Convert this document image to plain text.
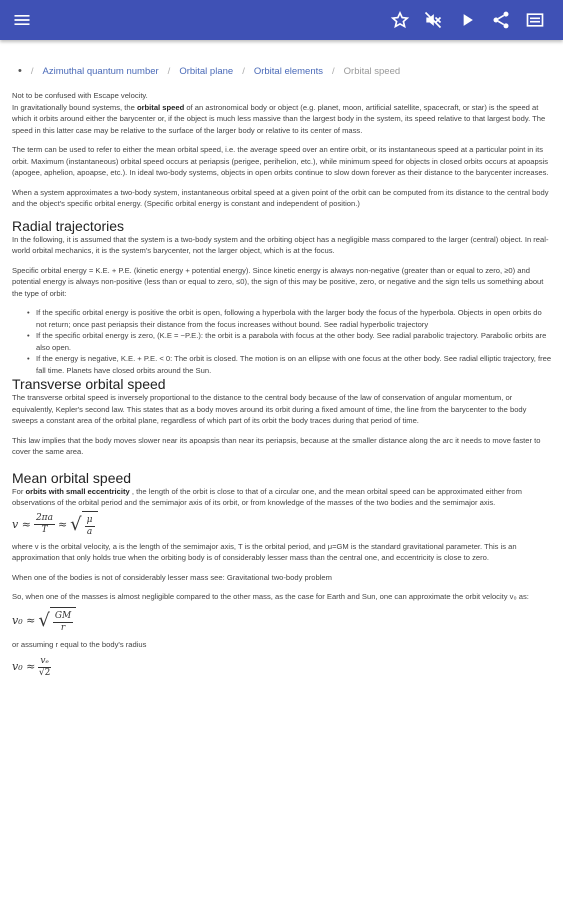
• / Azimuthal quantum number / Orbital plane / Orbital elements / Orbital speed

Not to be confused with Escape velocity.

In gravitationally bound systems, the orbital speed of an astronomical body or object (e.g. planet, moon, artificial satellite, spacecraft, or star) is the speed at which it orbits around either the barycenter or, if the object is much less massive than the largest body in the system, its speed relative to that largest body. The speed in this latter case may be relative to the surface of the larger body or relative to its center of mass.

The term can be used to refer to either the mean orbital speed, i.e. the average speed over an entire orbit, or its instantaneous speed at a particular point in its orbit. Maximum (instantaneous) orbital speed occurs at periapsis (perigee, perihelion, etc.), while minimum speed for objects in closed orbits occurs at apoapsis (apogee, aphelion, apoapse, etc.). In ideal two-body systems, objects in open orbits continue to slow down forever as their distance to the barycenter increases.

When a system approximates a two-body system, instantaneous orbital speed at a given point of the orbit can be computed from its distance to the central body and the object's specific orbital energy. (Specific orbital energy is constant and independent of position.)

Radial trajectories

In the following, it is assumed that the system is a two-body system and the orbiting object has a negligible mass compared to the larger (central) object. In real-world orbital mechanics, it is the system's barycenter, not the larger object, which is at the focus.

Specific orbital energy = K.E. + P.E. (kinetic energy + potential energy). Since kinetic energy is always non-negative (greater than or equal to zero, ≥0) and potential energy is always non-positive (less than or equal to zero, ≤0), the sign of this may be positive, zero, or negative and the sign tells us something about the type of orbit:

• If the specific orbital energy is positive the orbit is open, following a hyperbola with the larger body the focus of the hyperbola. Objects in open orbits do not return; once past periapsis their distance from the focus increases without bound. See radial hyperbolic trajectory
• If the specific orbital energy is zero, (K.E = −P.E.): the orbit is a parabola with focus at the other body. See radial parabolic trajectory. Parabolic orbits are also open.
• If the energy is negative, K.E. + P.E. < 0: The orbit is closed. The motion is on an ellipse with one focus at the other body. See radial elliptic trajectory, free fall time. Planets have closed orbits around the Sun.
Transverse orbital speed

The transverse orbital speed is inversely proportional to the distance to the central body because of the law of conservation of angular momentum, or equivalently, Kepler's second law. This states that as a body moves around its orbit during a fixed amount of time, the line from the barycenter to the body sweeps a constant area of the orbital plane, regardless of which part of its orbit the body traces during that period of time.

This law implies that the body moves slower near its apoapsis than near its periapsis, because at the smaller distance along the arc it needs to move faster to cover the same area.

Mean orbital speed

For orbits with small eccentricity , the length of the orbit is close to that of a circular one, and the mean orbital speed can be approximated either from observations of the orbital period and the semimajor axis of its orbit, or from knowledge of the masses of the two bodies and the semimajor axis.

$v \approx \frac{2\pi a}{T}$ ≈ √ $\frac{\mu}{a}$

where v is the orbital velocity, a is the length of the semimajor axis, T is the orbital period, and μ=GM is the standard gravitational parameter. This is an approximation that only holds true when the orbiting body is of considerably lesser mass than the central one, and eccentricity is close to zero.

When one of the bodies is not of considerably lesser mass see: Gravitational two-body problem

So, when one of the masses is almost negligible compared to the other mass, as the case for Earth and Sun, one can approximate the orbit velocity v₀ as:

v₀ ≈ √ $\frac{GM}{r}$

or assuming r equal to the body's radius

$v_0 \approx \frac{\text{vₑ}}{√2}$
